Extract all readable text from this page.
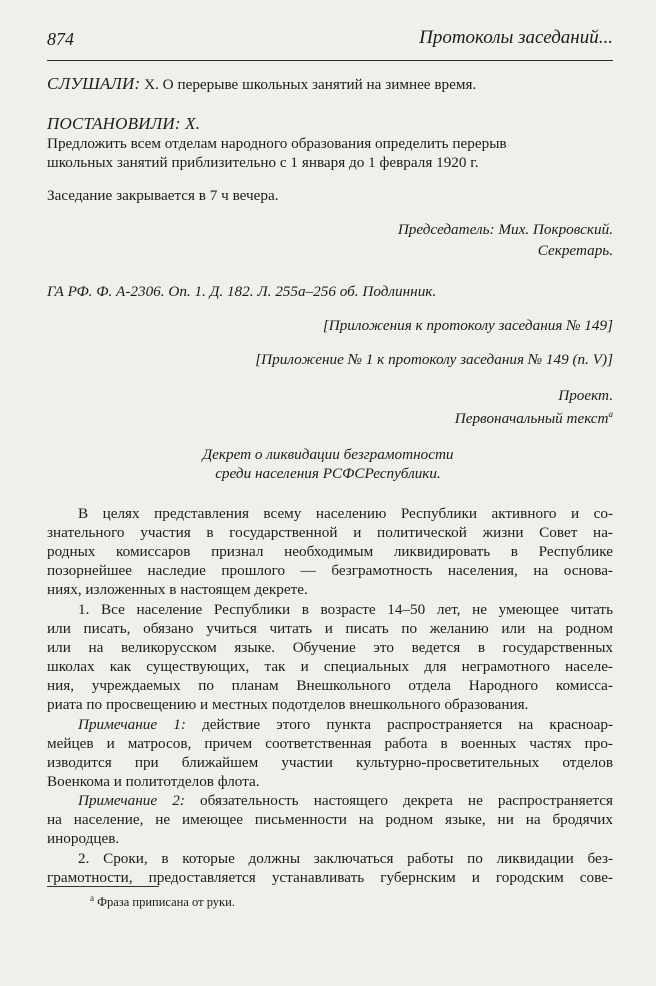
874	Протоколы заседаний...
СЛУШАЛИ: X. О перерыве школьных занятий на зимнее время.
ПОСТАНОВИЛИ: X.
Предложить всем отделам народного образования определить перерыв
школьных занятий приблизительно с 1 января до 1 февраля 1920 г.
Заседание закрывается в 7 ч вечера.
Председатель: Мих. Покровский.
Секретарь.
ГА РФ. Ф. А-2306. Оп. 1. Д. 182. Л. 255а–256 об. Подлинник.
[Приложения к протоколу заседания № 149]
[Приложение № 1 к протоколу заседания № 149 (п. V)]
Проект.
Первоначальный текст$^а$
Декрет о ликвидации безграмотности
среди населения РСФСРеспублики.
В целях представления всему населению Республики активного и со-
знательного участия в государственной и политической жизни Совет на-
родных комиссаров признал необходимым ликвидировать в Республике
позорнейшее наследие прошлого — безграмотность населения, на основа-
ниях, изложенных в настоящем декрете.
1. Все население Республики в возрасте 14–50 лет, не умеющее читать
или писать, обязано учиться читать и писать по желанию или на родном
или на великорусском языке. Обучение это ведется в государственных
школах как существующих, так и специальных для неграмотного населе-
ния, учреждаемых по планам Внешкольного отдела Народного комисса-
риата по просвещению и местных подотделов внешкольного образования.
Примечание 1: действие этого пункта распространяется на красноар-
мейцев и матросов, причем соответственная работа в военных частях про-
изводится при ближайшем участии культурно-просветительных отделов
Военкома и политотделов флота.
Примечание 2: обязательность настоящего декрета не распространяется
на население, не имеющее письменности на родном языке, ни на бродячих
инородцев.
2. Сроки, в которые должны заключаться работы по ликвидации без-
грамотности, предоставляется устанавливать губернским и городским сове-
$^а$ Фраза приписана от руки.
